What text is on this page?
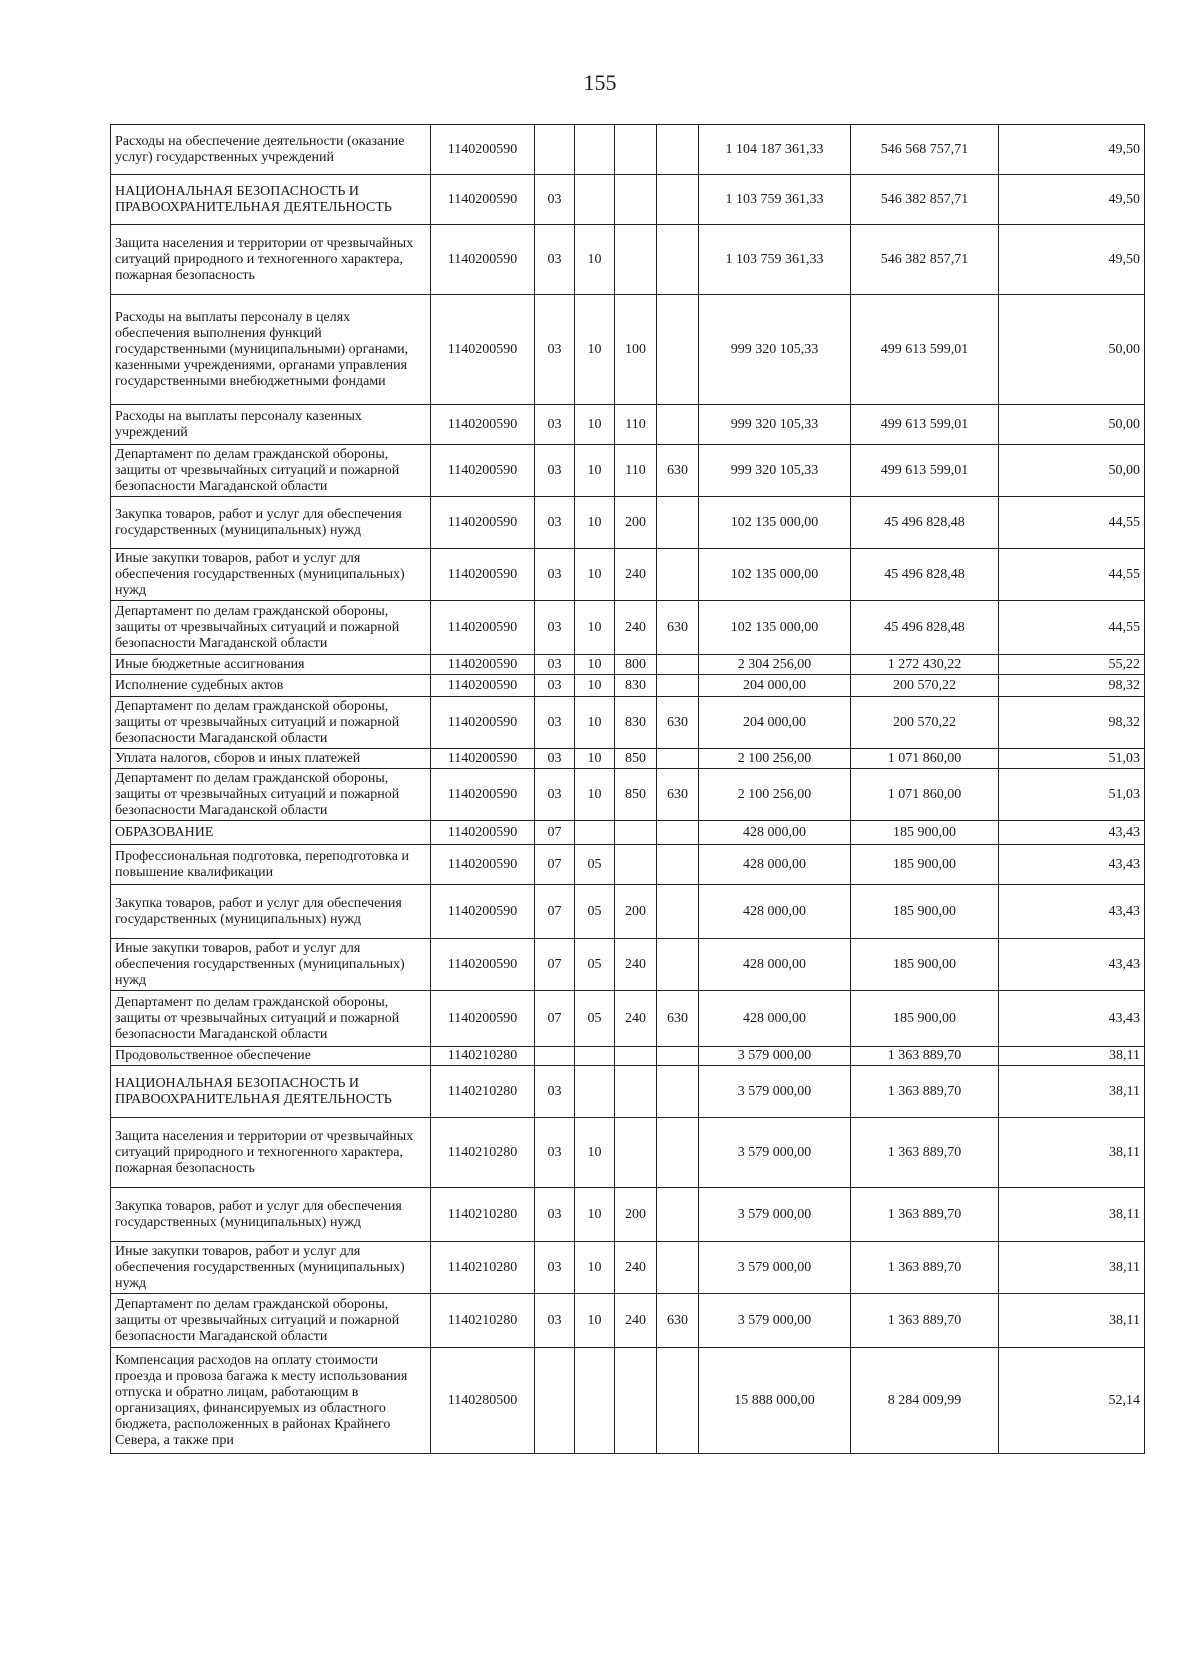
155
Расходы на обеспечение деятельности (оказание услуг) государственных учреждений	1140200590					1 104 187 361,33	546 568 757,71	49,50
НАЦИОНАЛЬНАЯ БЕЗОПАСНОСТЬ И ПРАВООХРАНИТЕЛЬНАЯ ДЕЯТЕЛЬНОСТЬ	1140200590	03				1 103 759 361,33	546 382 857,71	49,50
Защита населения и территории от чрезвычайных ситуаций природного и техногенного характера, пожарная безопасность	1140200590	03	10			1 103 759 361,33	546 382 857,71	49,50
Расходы на выплаты персоналу в целях обеспечения выполнения функций государственными (муниципальными) органами, казенными учреждениями, органами управления государственными внебюджетными фондами	1140200590	03	10	100		999 320 105,33	499 613 599,01	50,00
Расходы на выплаты персоналу казенных учреждений	1140200590	03	10	110		999 320 105,33	499 613 599,01	50,00
Департамент по делам гражданской обороны, защиты от чрезвычайных ситуаций и пожарной безопасности Магаданской области	1140200590	03	10	110	630	999 320 105,33	499 613 599,01	50,00
Закупка товаров, работ и услуг для обеспечения государственных (муниципальных) нужд	1140200590	03	10	200		102 135 000,00	45 496 828,48	44,55
Иные закупки товаров, работ и услуг для обеспечения государственных (муниципальных) нужд	1140200590	03	10	240		102 135 000,00	45 496 828,48	44,55
Департамент по делам гражданской обороны, защиты от чрезвычайных ситуаций и пожарной безопасности Магаданской области	1140200590	03	10	240	630	102 135 000,00	45 496 828,48	44,55
Иные бюджетные ассигнования	1140200590	03	10	800		2 304 256,00	1 272 430,22	55,22
Исполнение судебных актов	1140200590	03	10	830		204 000,00	200 570,22	98,32
Департамент по делам гражданской обороны, защиты от чрезвычайных ситуаций и пожарной безопасности Магаданской области	1140200590	03	10	830	630	204 000,00	200 570,22	98,32
Уплата налогов, сборов и иных платежей	1140200590	03	10	850		2 100 256,00	1 071 860,00	51,03
Департамент по делам гражданской обороны, защиты от чрезвычайных ситуаций и пожарной безопасности Магаданской области	1140200590	03	10	850	630	2 100 256,00	1 071 860,00	51,03
ОБРАЗОВАНИЕ	1140200590	07				428 000,00	185 900,00	43,43
Профессиональная подготовка, переподготовка и повышение квалификации	1140200590	07	05			428 000,00	185 900,00	43,43
Закупка товаров, работ и услуг для обеспечения государственных (муниципальных) нужд	1140200590	07	05	200		428 000,00	185 900,00	43,43
Иные закупки товаров, работ и услуг для обеспечения государственных (муниципальных) нужд	1140200590	07	05	240		428 000,00	185 900,00	43,43
Департамент по делам гражданской обороны, защиты от чрезвычайных ситуаций и пожарной безопасности Магаданской области	1140200590	07	05	240	630	428 000,00	185 900,00	43,43
Продовольственное обеспечение	1140210280					3 579 000,00	1 363 889,70	38,11
НАЦИОНАЛЬНАЯ БЕЗОПАСНОСТЬ И ПРАВООХРАНИТЕЛЬНАЯ ДЕЯТЕЛЬНОСТЬ	1140210280	03				3 579 000,00	1 363 889,70	38,11
Защита населения и территории от чрезвычайных ситуаций природного и техногенного характера, пожарная безопасность	1140210280	03	10			3 579 000,00	1 363 889,70	38,11
Закупка товаров, работ и услуг для обеспечения государственных (муниципальных) нужд	1140210280	03	10	200		3 579 000,00	1 363 889,70	38,11
Иные закупки товаров, работ и услуг для обеспечения государственных (муниципальных) нужд	1140210280	03	10	240		3 579 000,00	1 363 889,70	38,11
Департамент по делам гражданской обороны, защиты от чрезвычайных ситуаций и пожарной безопасности Магаданской области	1140210280	03	10	240	630	3 579 000,00	1 363 889,70	38,11
Компенсация расходов на оплату стоимости проезда и провоза багажа к месту использования отпуска и обратно лицам, работающим в организациях, финансируемых из областного бюджета, расположенных в районах Крайнего Севера, а также при	1140280500					15 888 000,00	8 284 009,99	52,14
